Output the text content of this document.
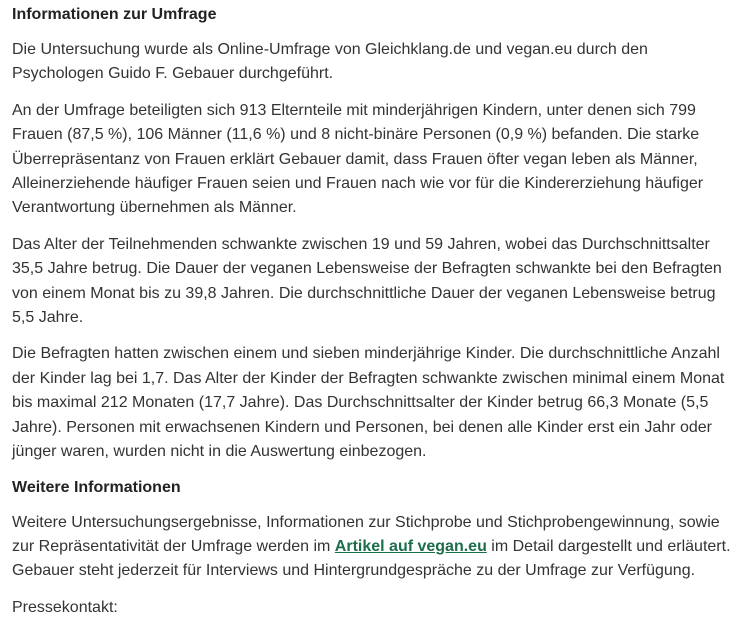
Informationen zur Umfrage

Die Untersuchung wurde als Online-Umfrage von Gleichklang.de und vegan.eu durch den Psychologen Guido F. Gebauer durchgeführt.

An der Umfrage beteiligten sich 913 Elternteile mit minderjährigen Kindern, unter denen sich 799 Frauen (87,5 %), 106 Männer (11,6 %) und 8 nicht-binäre Personen (0,9 %) befanden. Die starke Überrepräsentanz von Frauen erklärt Gebauer damit, dass Frauen öfter vegan leben als Männer, Alleinerziehende häufiger Frauen seien und Frauen nach wie vor für die Kindererziehung häufiger Verantwortung übernehmen als Männer.

Das Alter der Teilnehmenden schwankte zwischen 19 und 59 Jahren, wobei das Durchschnittsalter 35,5 Jahre betrug. Die Dauer der veganen Lebensweise der Befragten schwankte bei den Befragten von einem Monat bis zu 39,8 Jahren. Die durchschnittliche Dauer der veganen Lebensweise betrug 5,5 Jahre.

Die Befragten hatten zwischen einem und sieben minderjährige Kinder. Die durchschnittliche Anzahl der Kinder lag bei 1,7. Das Alter der Kinder der Befragten schwankte zwischen minimal einem Monat bis maximal 212 Monaten (17,7 Jahre). Das Durchschnittsalter der Kinder betrug 66,3 Monate (5,5 Jahre). Personen mit erwachsenen Kindern und Personen, bei denen alle Kinder erst ein Jahr oder jünger waren, wurden nicht in die Auswertung einbezogen.

Weitere Informationen

Weitere Untersuchungsergebnisse, Informationen zur Stichprobe und Stichprobengewinnung, sowie zur Repräsentativität der Umfrage werden im Artikel auf vegan.eu im Detail dargestellt und erläutert. Gebauer steht jederzeit für Interviews und Hintergrundgespräche zu der Umfrage zur Verfügung.

Pressekontakt:
